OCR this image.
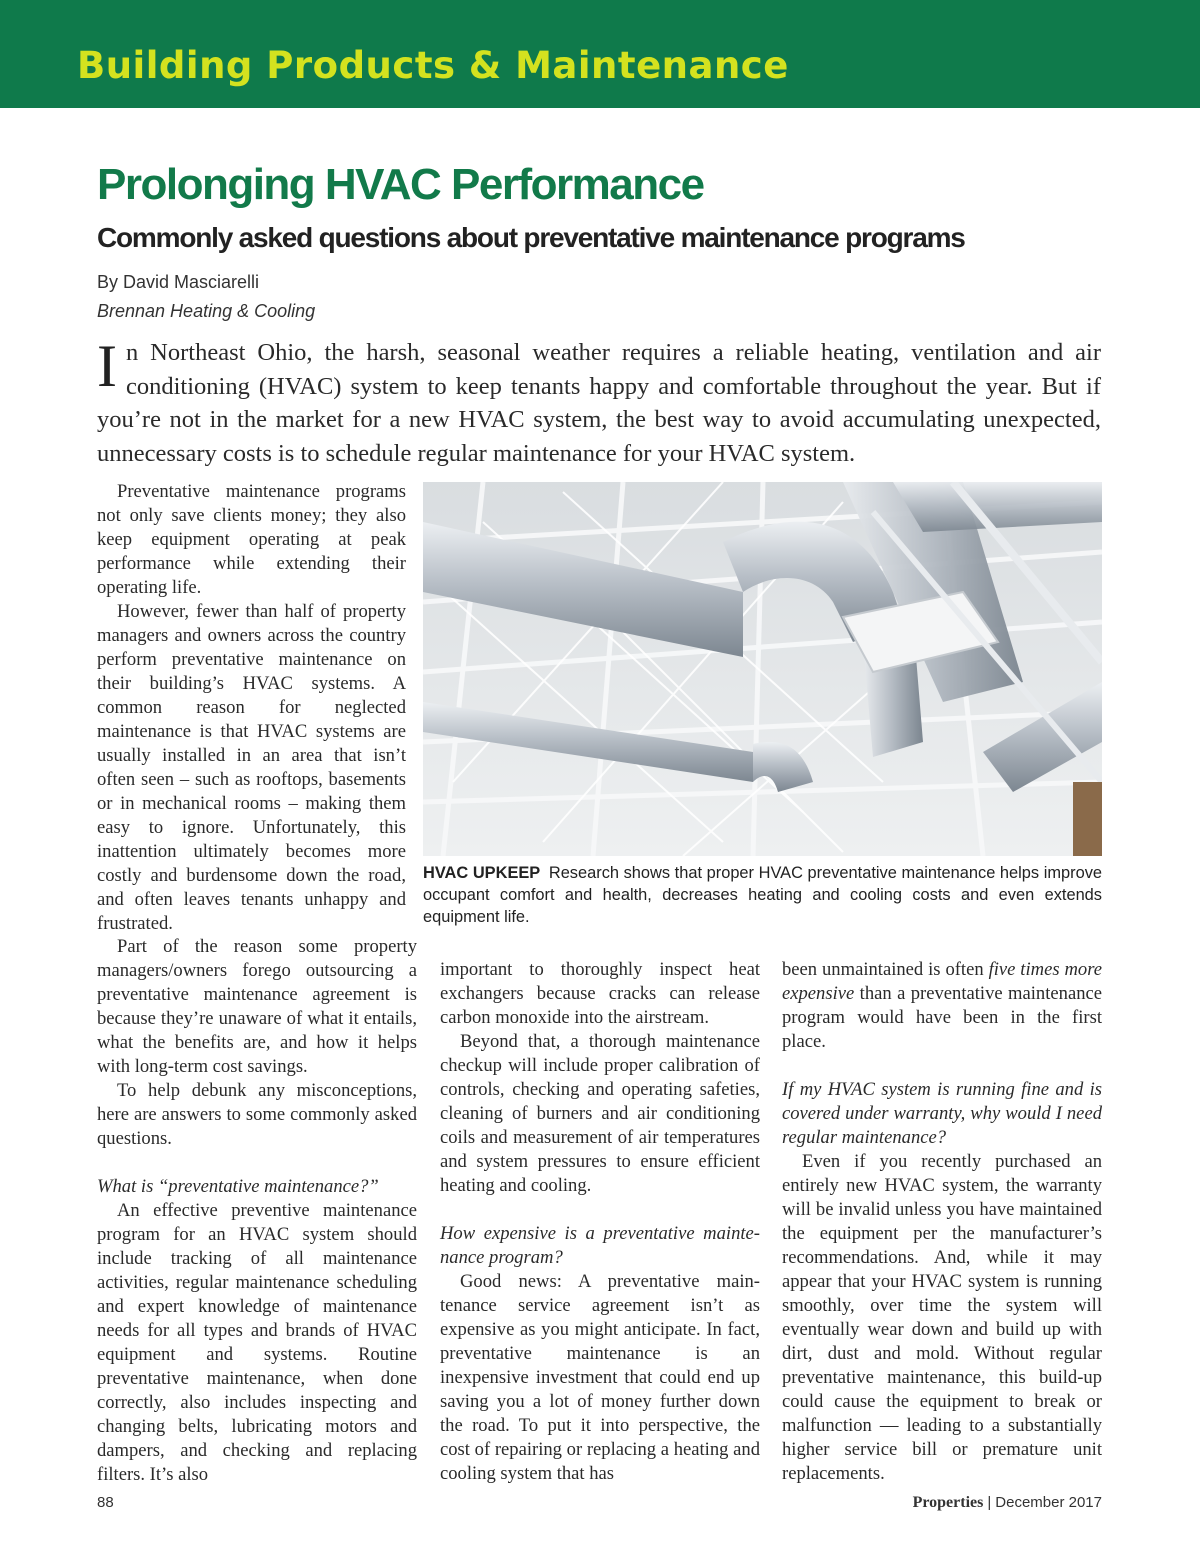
Building Products & Maintenance
Prolonging HVAC Performance
Commonly asked questions about preventative maintenance programs
By David Masciarelli
Brennan Heating & Cooling
In Northeast Ohio, the harsh, seasonal weather requires a reliable heating, ventilation and air conditioning (HVAC) system to keep tenants happy and comfortable throughout the year. But if you’re not in the market for a new HVAC system, the best way to avoid accumulating unexpected, unnecessary costs is to schedule regular maintenance for your HVAC system.

Preventative maintenance programs not only save clients money; they also keep equipment operating at peak performance while extending their operating life.

However, fewer than half of property managers and owners across the country perform preventative maintenance on their building’s HVAC systems. A common reason for neglected maintenance is that HVAC systems are usually installed in an area that isn’t often seen – such as rooftops, basements or in mechanical rooms – making them easy to ignore. Unfortunately, this inattention ultimately becomes more costly and burdensome down the road, and often leaves tenants unhappy and frustrated.

Part of the reason some property managers/owners forego outsourcing a preventative maintenance agreement is because they’re unaware of what it entails, what the benefits are, and how it helps with long-term cost savings.

To help debunk any misconceptions, here are answers to some commonly asked questions.

What is “preventative maintenance?”

An effective preventive maintenance program for an HVAC system should include tracking of all maintenance activities, regular maintenance scheduling and expert knowledge of maintenance needs for all types and brands of HVAC equipment and systems. Routine preventative maintenance, when done correctly, also includes inspecting and changing belts, lubricating motors and dampers, and checking and replacing filters. It’s also

important to thoroughly inspect heat exchangers because cracks can release carbon monoxide into the airstream.

Beyond that, a thorough maintenance checkup will include proper calibration of controls, checking and operating safeties, cleaning of burners and air conditioning coils and measurement of air temperatures and system pressures to ensure efficient heating and cooling.

How expensive is a preventative maintenance program?

Good news: A preventative maintenance service agreement isn’t as expensive as you might anticipate. In fact, preventative maintenance is an inexpensive investment that could end up saving you a lot of money further down the road. To put it into perspective, the cost of repairing or replacing a heating and cooling system that has

been unmaintained is often five times more expensive than a preventative maintenance program would have been in the first place.

If my HVAC system is running fine and is covered under warranty, why would I need regular maintenance?

Even if you recently purchased an entirely new HVAC system, the warranty will be invalid unless you have maintained the equipment per the manufacturer’s recommendations. And, while it may appear that your HVAC system is running smoothly, over time the system will eventually wear down and build up with dirt, dust and mold. Without regular preventative maintenance, this build-up could cause the equipment to break or malfunction — leading to a substantially higher service bill or premature unit replacements.

HVAC UPKEEP Research shows that proper HVAC preventative maintenance helps improve occupant comfort and health, decreases heating and cooling costs and even extends equipment life.
88	Properties | December 2017
